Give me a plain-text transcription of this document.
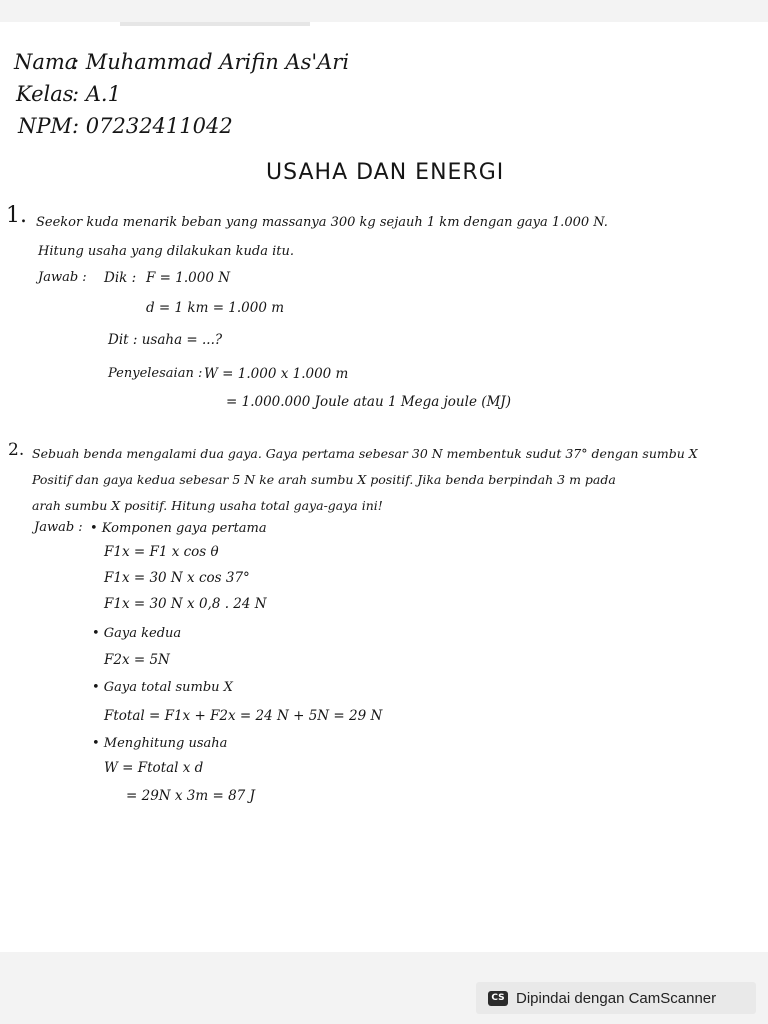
Nama
: Muhammad Arifin As'Ari
Kelas
: A.1
NPM : 07232411042
USAHA DAN ENERGI
1. Seekor kuda menarik beban yang massanya 300 kg sejauh 1 km dengan gaya 1.000 N.
Hitung usaha yang dilakukan kuda itu.
Jawab : Dik : F = 1.000 N
d = 1 km = 1.000 m
Dit : usaha = ...?
Penyelesaian : W = 1.000 x 1.000 m
= 1.000.000 Joule atau 1 Mega joule (MJ)
2. Sebuah benda mengalami dua gaya. Gaya pertama sebesar 30 N membentuk sudut 37° dengan sumbu X
Positif dan gaya kedua sebesar 5 N ke arah sumbu X positif. Jika benda berpindah 3 m pada
arah sumbu X positif. Hitung usaha total gaya-gaya ini!
Jawab : • Komponen gaya pertama
F1x = F1 x cos θ
F1x = 30 N x cos 37°
F1x = 30 N x 0,8 . 24 N
• Gaya kedua
F2x = 5N
• Gaya total sumbu X
Ftotal = F1x + F2x = 24 N + 5N = 29 N
• Menghitung usaha
W = Ftotal x d
= 29N x 3m = 87 J
CS Dipindai dengan CamScanner
